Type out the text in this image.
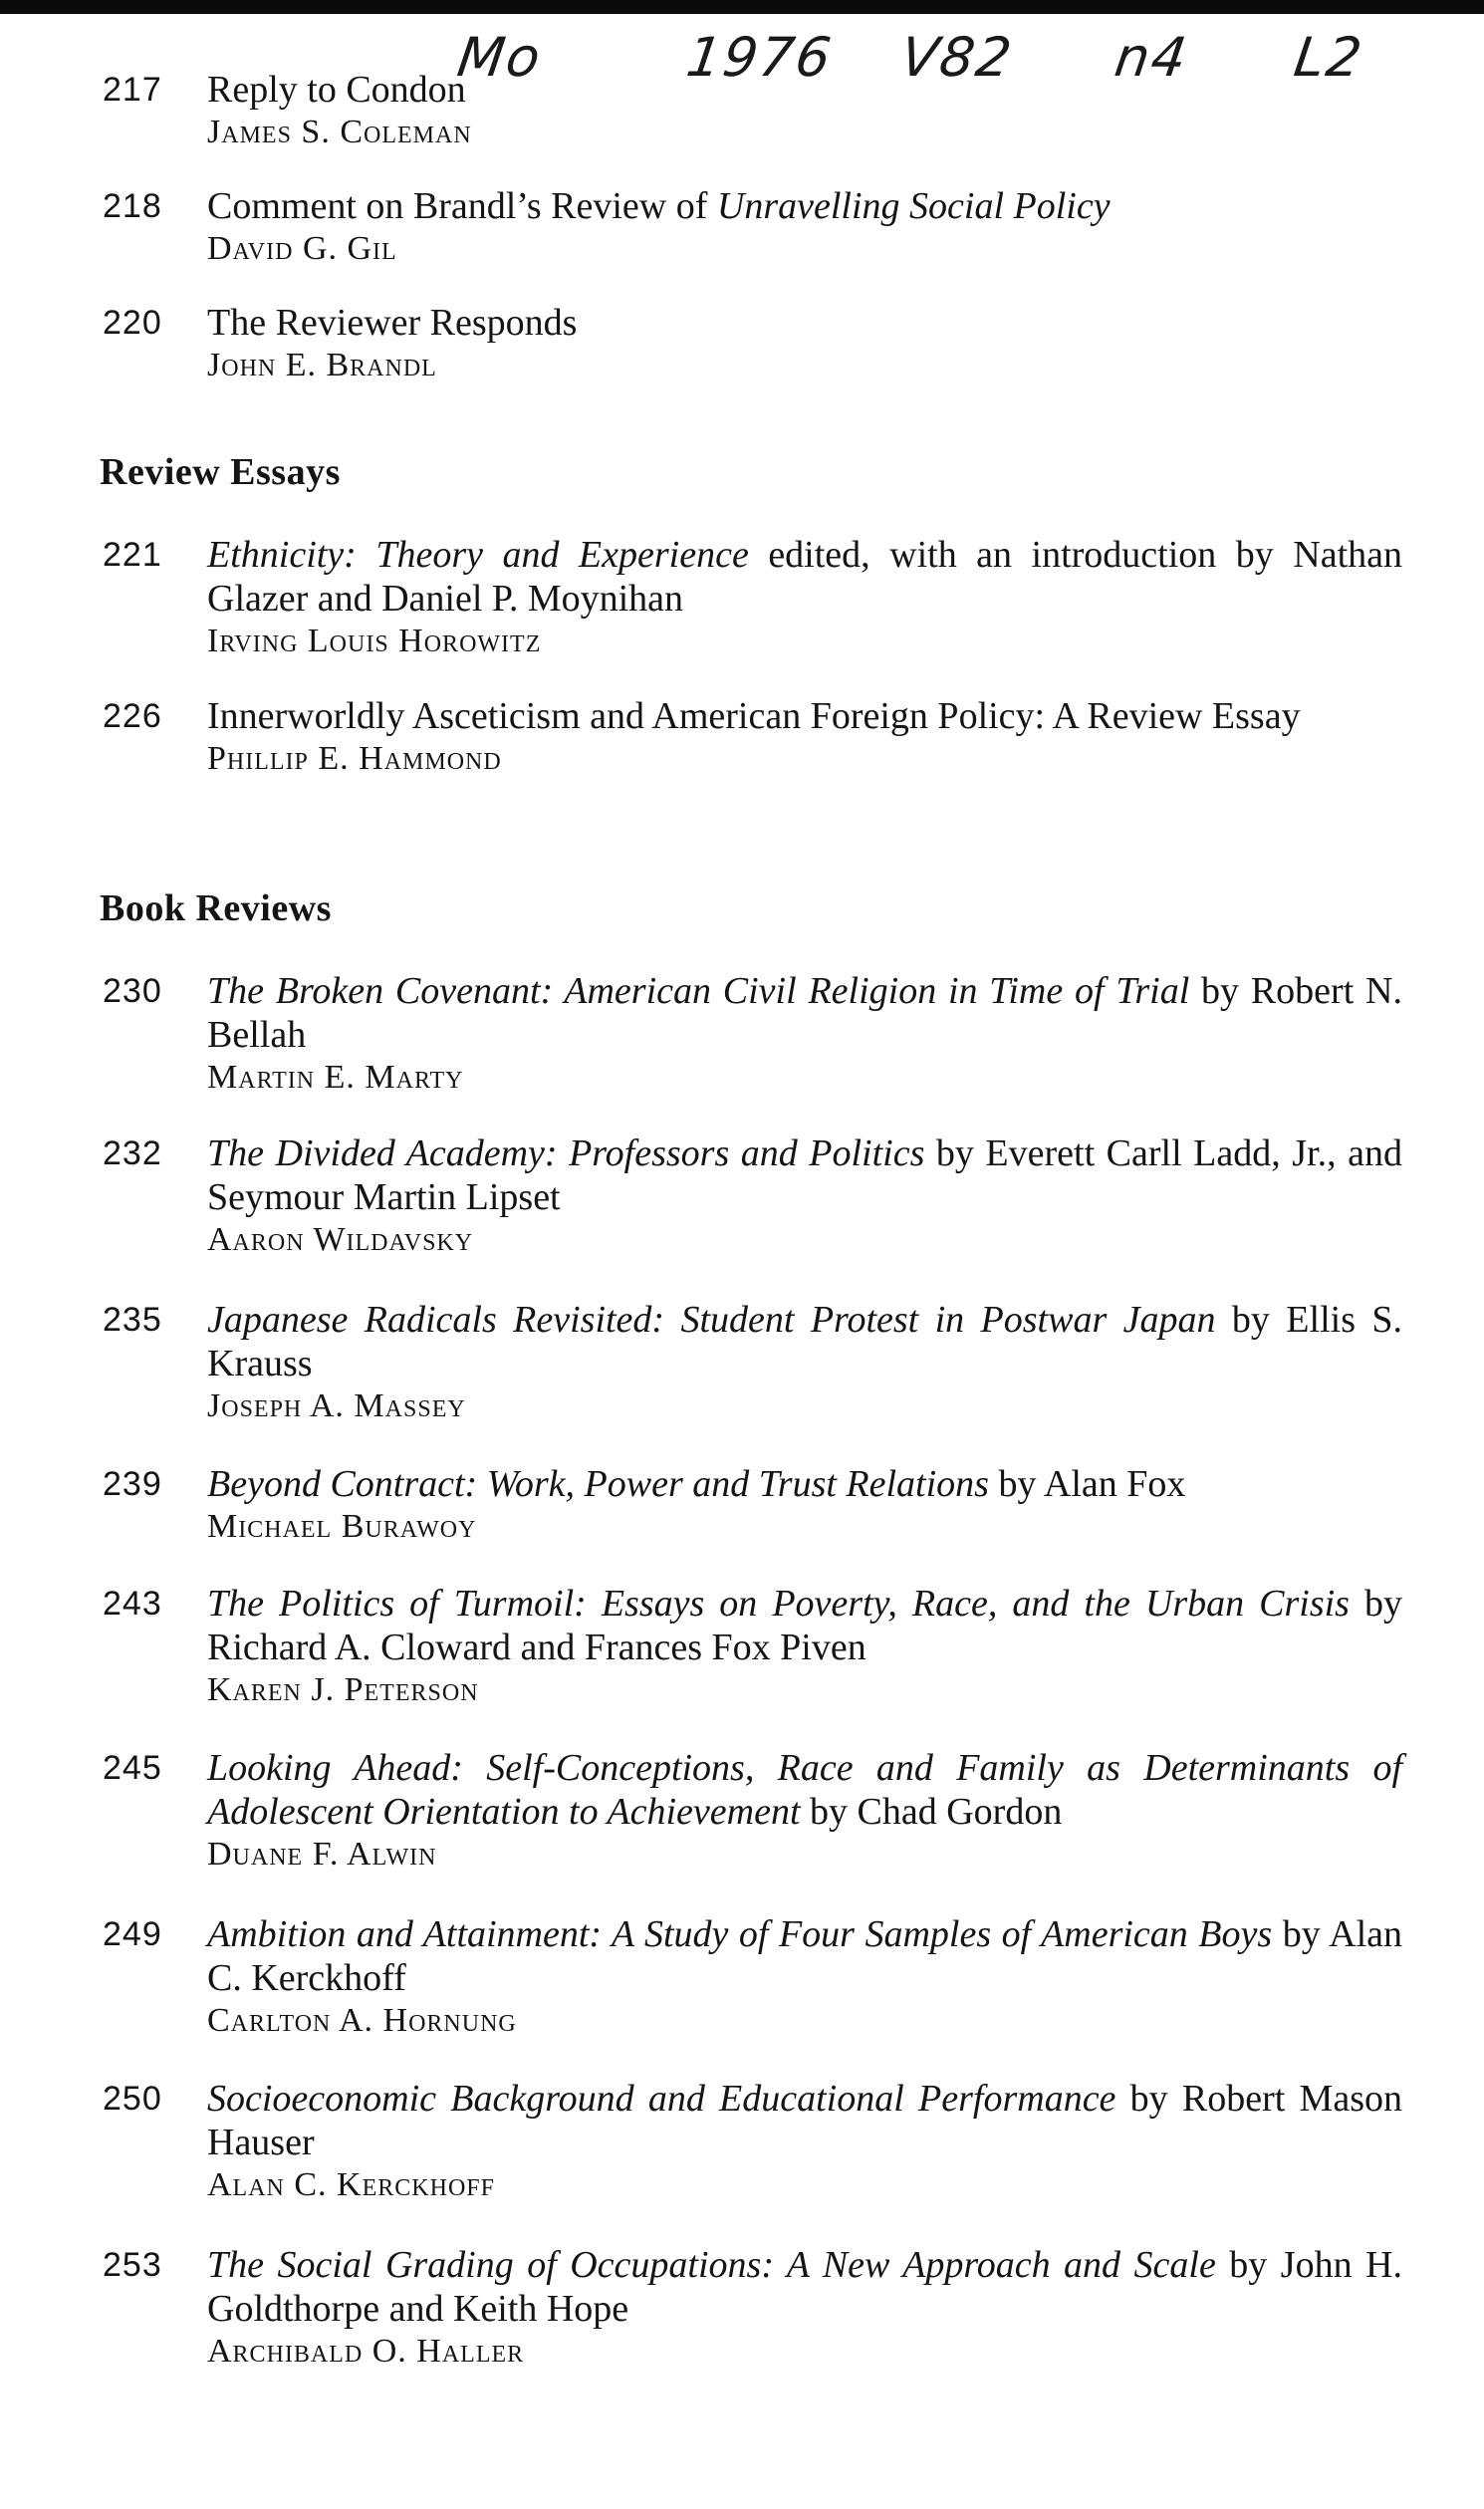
Mo	1976 V82 n4 L2
217	Reply to Condon
James S. Coleman
218	Comment on Brandl’s Review of Unravelling Social Policy
David G. Gil
220	The Reviewer Responds
John E. Brandl
Review Essays
221	Ethnicity: Theory and Experience edited, with an introduction by Nathan Glazer and Daniel P. Moynihan
Irving Louis Horowitz
226	Innerworldly Asceticism and American Foreign Policy: A Review Essay
Phillip E. Hammond
Book Reviews
230	The Broken Covenant: American Civil Religion in Time of Trial by Robert N. Bellah
Martin E. Marty
232	The Divided Academy: Professors and Politics by Everett Carll Ladd, Jr., and Seymour Martin Lipset
Aaron Wildavsky
235	Japanese Radicals Revisited: Student Protest in Postwar Japan by Ellis S. Krauss
Joseph A. Massey
239	Beyond Contract: Work, Power and Trust Relations by Alan Fox
Michael Burawoy
243	The Politics of Turmoil: Essays on Poverty, Race, and the Urban Crisis by Richard A. Cloward and Frances Fox Piven
Karen J. Peterson
245	Looking Ahead: Self-Conceptions, Race and Family as Determinants of Adolescent Orientation to Achievement by Chad Gordon
Duane F. Alwin
249	Ambition and Attainment: A Study of Four Samples of American Boys by Alan C. Kerckhoff
Carlton A. Hornung
250	Socioeconomic Background and Educational Performance by Robert Mason Hauser
Alan C. Kerckhoff
253	The Social Grading of Occupations: A New Approach and Scale by John H. Goldthorpe and Keith Hope
Archibald O. Haller
